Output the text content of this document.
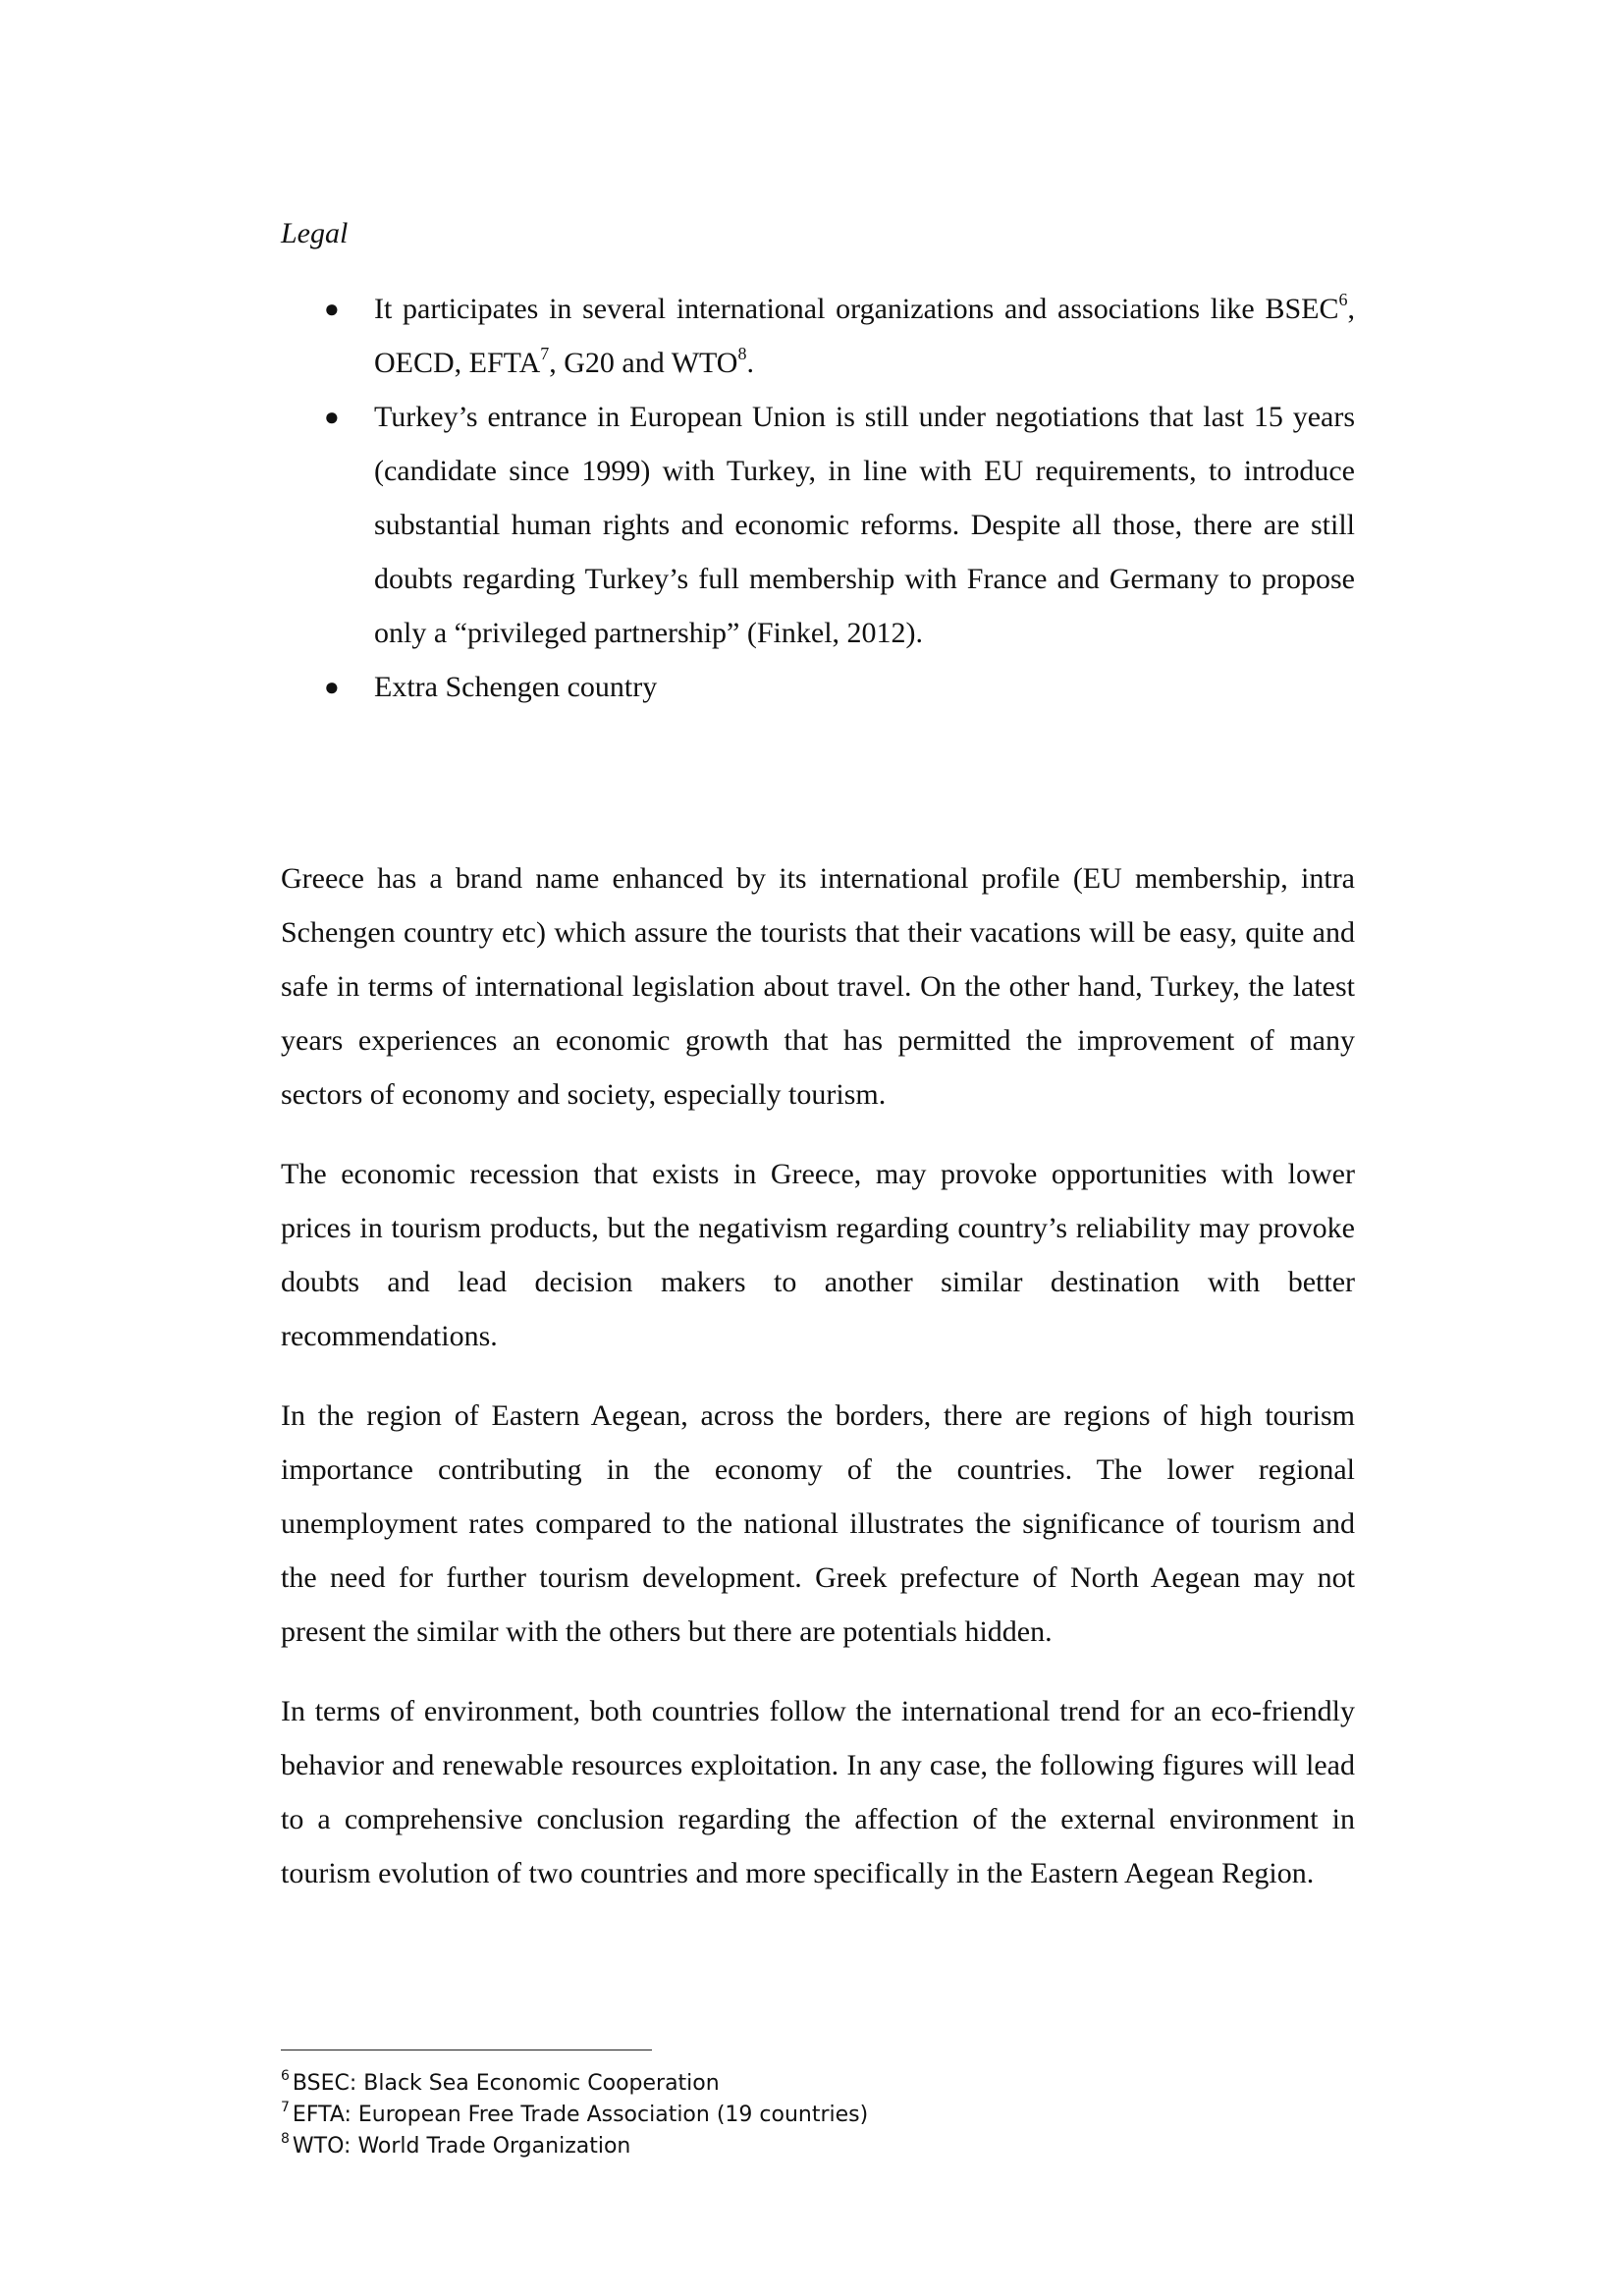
Legal
● It participates in several international organizations and associations like BSEC$^6$, OECD, EFTA$^7$, G20 and WTO$^8$.
● Turkey’s entrance in European Union is still under negotiations that last 15 years (candidate since 1999) with Turkey, in line with EU requirements, to introduce substantial human rights and economic reforms. Despite all those, there are still doubts regarding Turkey’s full membership with France and Germany to propose only a “privileged partnership” (Finkel, 2012).
● Extra Schengen country

Greece has a brand name enhanced by its international profile (EU membership, intra Schengen country etc) which assure the tourists that their vacations will be easy, quite and safe in terms of international legislation about travel. On the other hand, Turkey, the latest years experiences an economic growth that has permitted the improvement of many sectors of economy and society, especially tourism.

The economic recession that exists in Greece, may provoke opportunities with lower prices in tourism products, but the negativism regarding country’s reliability may provoke doubts and lead decision makers to another similar destination with better recommendations.

In the region of Eastern Aegean, across the borders, there are regions of high tourism importance contributing in the economy of the countries. The lower regional unemployment rates compared to the national illustrates the significance of tourism and the need for further tourism development. Greek prefecture of North Aegean may not present the similar with the others but there are potentials hidden.

In terms of environment, both countries follow the international trend for an eco-friendly behavior and renewable resources exploitation. In any case, the following figures will lead to a comprehensive conclusion regarding the affection of the external environment in tourism evolution of two countries and more specifically in the Eastern Aegean Region.

$^6$ BSEC: Black Sea Economic Cooperation
$^7$ EFTA: European Free Trade Association (19 countries)
$^8$ WTO: World Trade Organization
